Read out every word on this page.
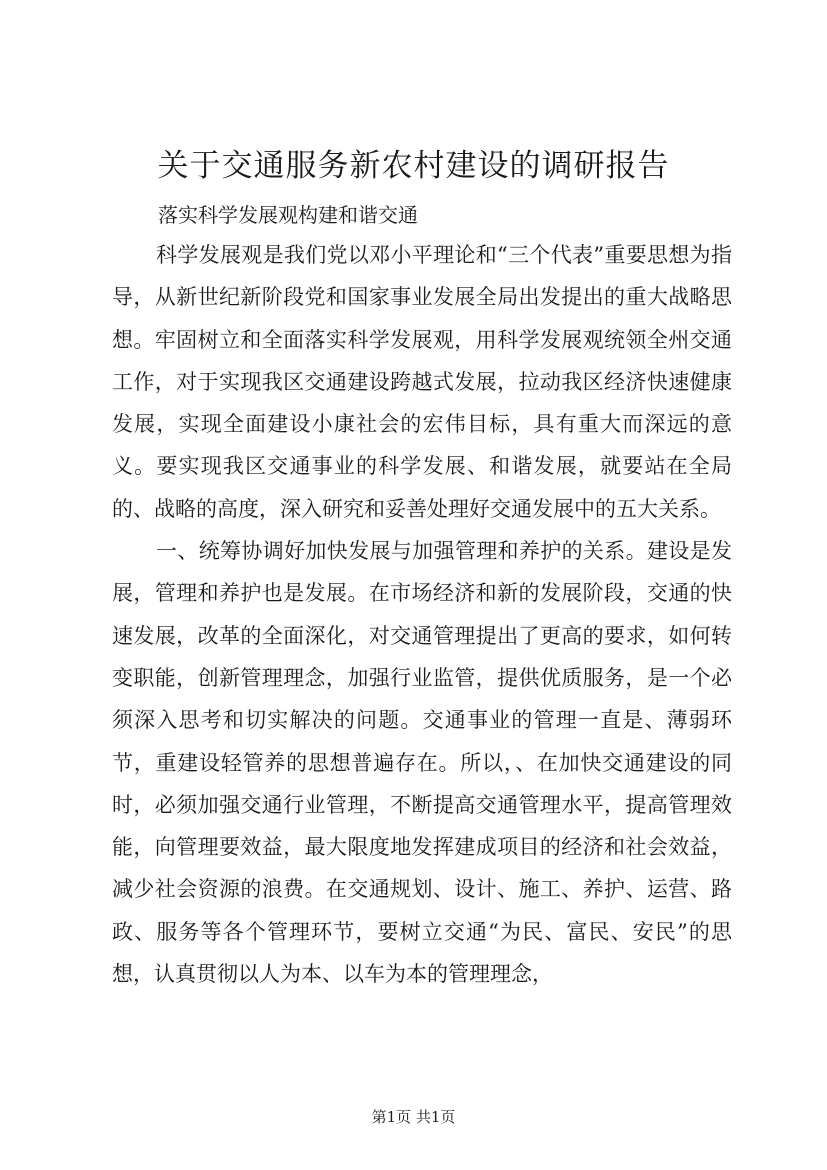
关于交通服务新农村建设的调研报告

落实科学发展观构建和谐交通

科学发展观是我们党以邓小平理论和“三个代表”重要思想为指导，从新世纪新阶段党和国家事业发展全局出发提出的重大战略思想。牢固树立和全面落实科学发展观，用科学发展观统领全州交通工作，对于实现我区交通建设跨越式发展，拉动我区经济快速健康发展，实现全面建设小康社会的宏伟目标，具有重大而深远的意义。要实现我区交通事业的科学发展、和谐发展，就要站在全局的、战略的高度，深入研究和妥善处理好交通发展中的五大关系。

一、统筹协调好加快发展与加强管理和养护的关系。建设是发展，管理和养护也是发展。在市场经济和新的发展阶段，交通的快速发展，改革的全面深化，对交通管理提出了更高的要求，如何转变职能，创新管理理念，加强行业监管，提供优质服务，是一个必须深入思考和切实解决的问题。交通事业的管理一直是、薄弱环节，重建设轻管养的思想普遍存在。所以，、在加快交通建设的同时，必须加强交通行业管理，不断提高交通管理水平，提高管理效能，向管理要效益，最大限度地发挥建成项目的经济和社会效益，减少社会资源的浪费。在交通规划、设计、施工、养护、运营、路政、服务等各个管理环节，要树立交通“为民、富民、安民”的思想，认真贯彻以人为本、以车为本的管理理念，

第1页 共1页
